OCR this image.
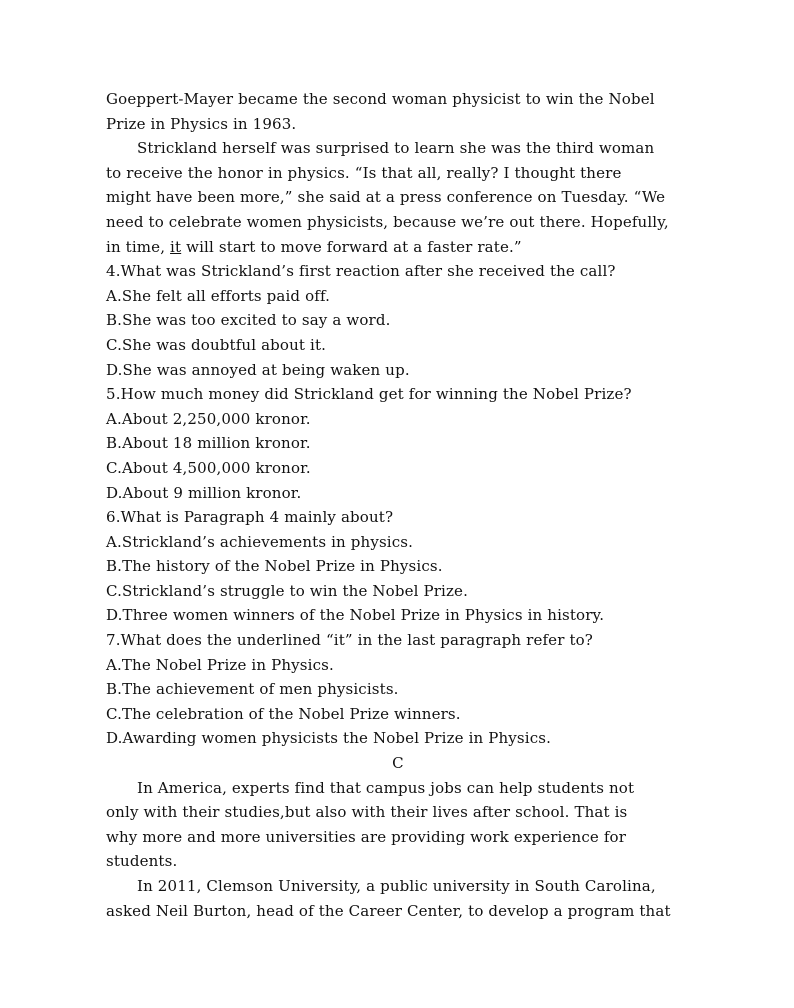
Goeppert-Mayer became the second woman physicist to win the Nobel
Prize in Physics in 1963.
Strickland herself was surprised to learn she was the third woman
to receive the honor in physics. “Is that all, really? I thought there
might have been more,” she said at a press conference on Tuesday. “We
need to celebrate women physicists, because we’re out there. Hopefully,
in time, it will start to move forward at a faster rate.”
4.What was Strickland’s first reaction after she received the call?
A.She felt all efforts paid off.
B.She was too excited to say a word.
C.She was doubtful about it.
D.She was annoyed at being waken up.
5.How much money did Strickland get for winning the Nobel Prize?
A.About 2,250,000 kronor.
B.About 18 million kronor.
C.About 4,500,000 kronor.
D.About 9 million kronor.
6.What is Paragraph 4 mainly about?
A.Strickland’s achievements in physics.
B.The history of the Nobel Prize in Physics.
C.Strickland’s struggle to win the Nobel Prize.
D.Three women winners of the Nobel Prize in Physics in history.
7.What does the underlined “it” in the last paragraph refer to?
A.The Nobel Prize in Physics.
B.The achievement of men physicists.
C.The celebration of the Nobel Prize winners.
D.Awarding women physicists the Nobel Prize in Physics.
C
In America, experts find that campus jobs can help students not
only with their studies,but also with their lives after school. That is
why more and more universities are providing work experience for
students.
In 2011, Clemson University, a public university in South Carolina,
asked Neil Burton, head of the Career Center, to develop a program that
